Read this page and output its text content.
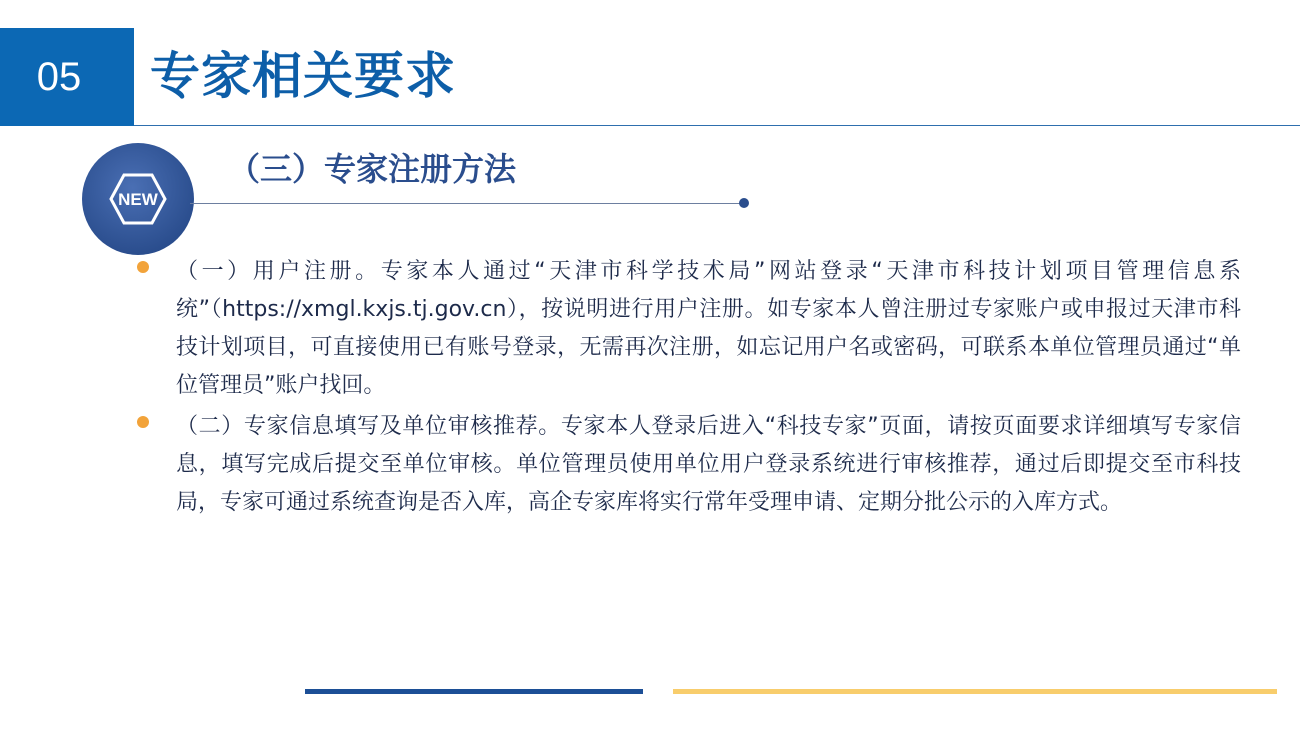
05 专家相关要求
NEW
（三）专家注册方法

（一）用户注册。专家本人通过“天津市科学技术局”网站登录“天津市科技计划项目管理信息系统”（https://xmgl.kxjs.tj.gov.cn），按说明进行用户注册。如专家本人曾注册过专家账户或申报过天津市科技计划项目，可直接使用已有账号登录，无需再次注册，如忘记用户名或密码，可联系本单位管理员通过“单位管理员”账户找回。

（二）专家信息填写及单位审核推荐。专家本人登录后进入“科技专家”页面，请按页面要求详细填写专家信息，填写完成后提交至单位审核。单位管理员使用单位用户登录系统进行审核推荐，通过后即提交至市科技局，专家可通过系统查询是否入库，高企专家库将实行常年受理申请、定期分批公示的入库方式。
